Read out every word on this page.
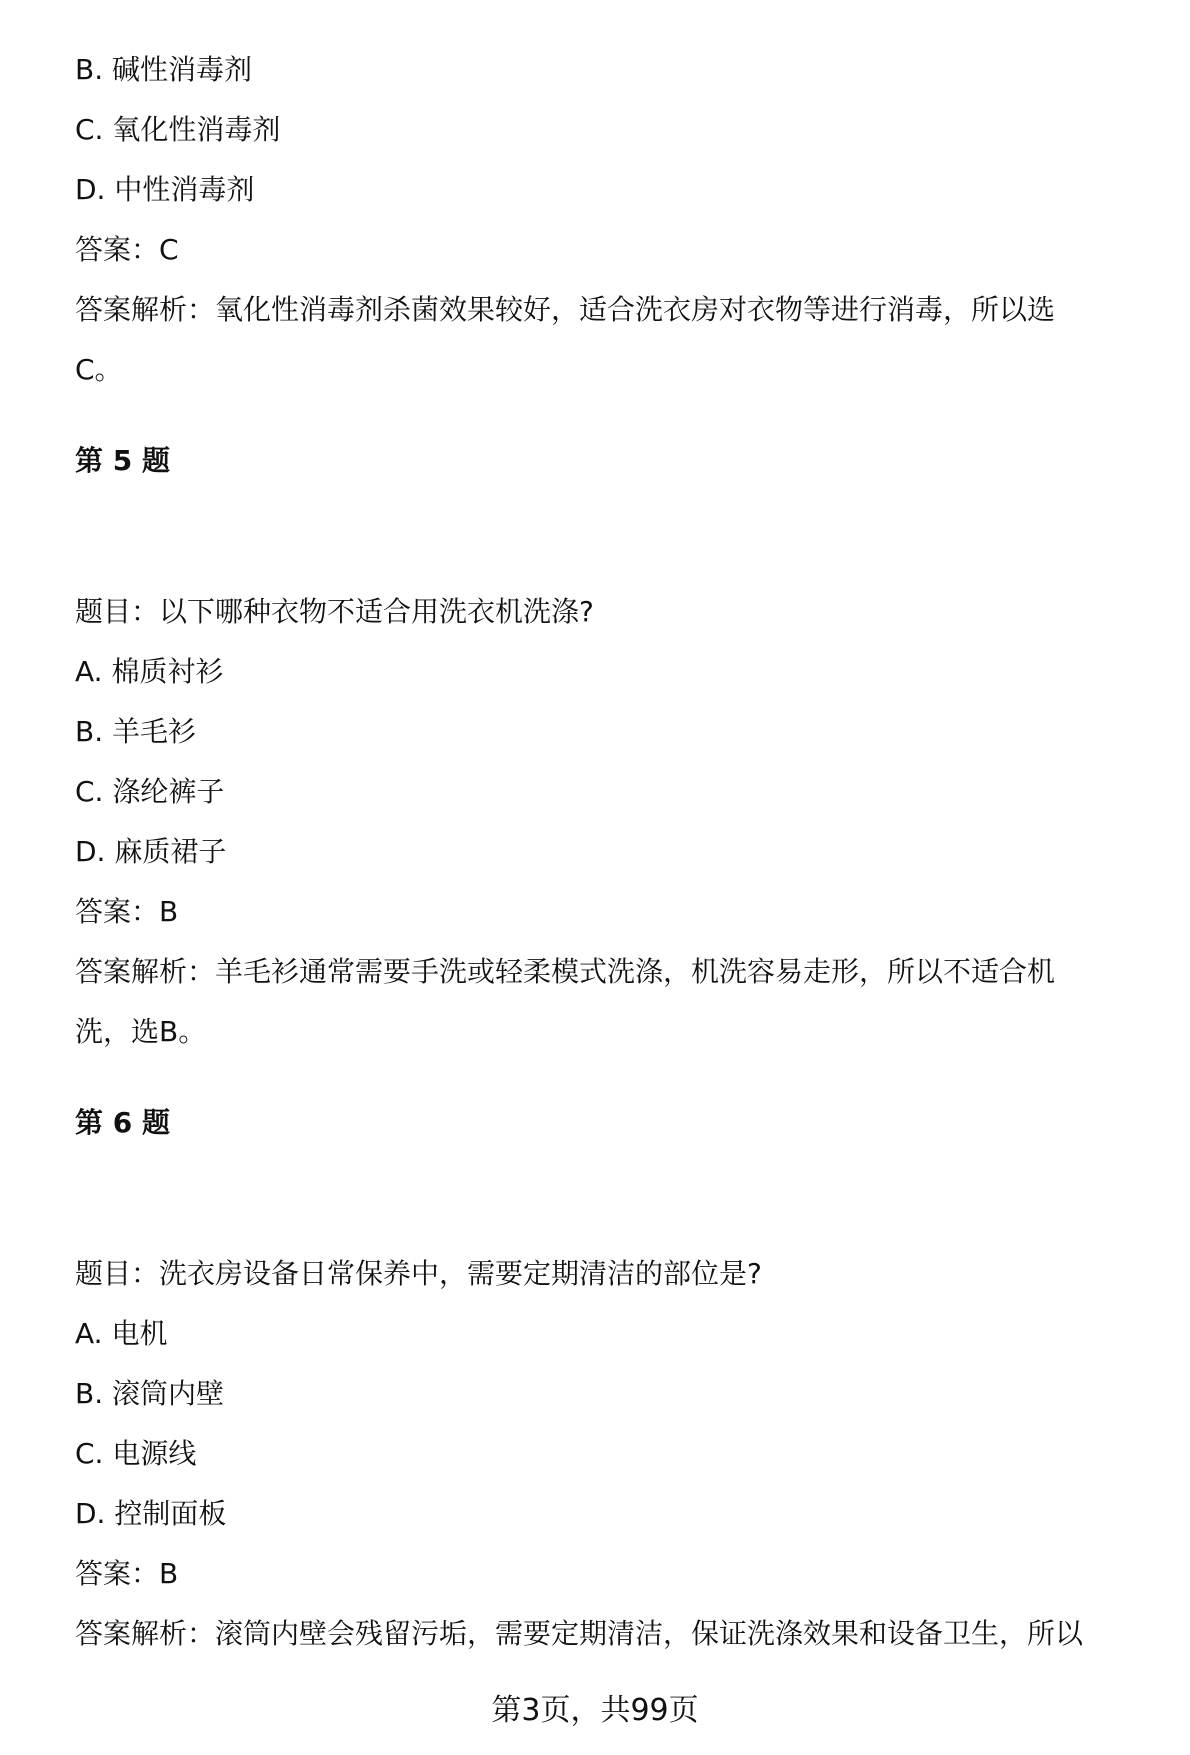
B. 碱性消毒剂
C. 氧化性消毒剂
D. 中性消毒剂
答案：C
答案解析：氧化性消毒剂杀菌效果较好，适合洗衣房对衣物等进行消毒，所以选
C。
第 5 题
题目：以下哪种衣物不适合用洗衣机洗涤?
A. 棉质衬衫
B. 羊毛衫
C. 涤纶裤子
D. 麻质裙子
答案：B
答案解析：羊毛衫通常需要手洗或轻柔模式洗涤，机洗容易走形，所以不适合机
洗，选B。
第 6 题
题目：洗衣房设备日常保养中，需要定期清洁的部位是?
A. 电机
B. 滚筒内壁
C. 电源线
D. 控制面板
答案：B
答案解析：滚筒内壁会残留污垢，需要定期清洁，保证洗涤效果和设备卫生，所以
第3页，共99页
